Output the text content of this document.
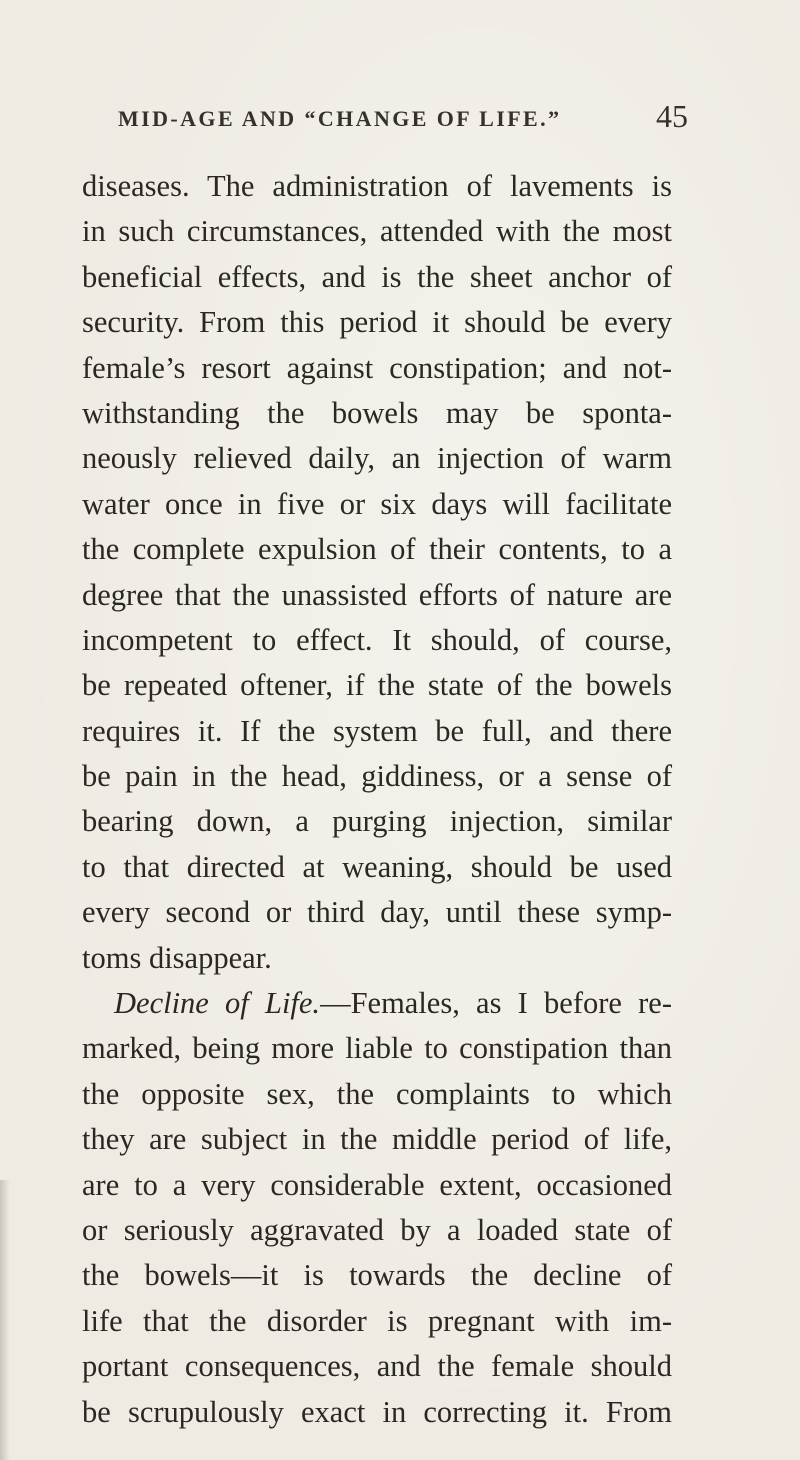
MID-AGE AND “CHANGE OF LIFE.”	45
diseases. The administration of lavements is
in such circumstances, attended with the most
beneficial effects, and is the sheet anchor of
security. From this period it should be every
female’s resort against constipation; and not-
withstanding the bowels may be sponta-
neously relieved daily, an injection of warm
water once in five or six days will facilitate
the complete expulsion of their contents, to a
degree that the unassisted efforts of nature are
incompetent to effect. It should, of course,
be repeated oftener, if the state of the bowels
requires it. If the system be full, and there
be pain in the head, giddiness, or a sense of
bearing down, a purging injection, similar
to that directed at weaning, should be used
every second or third day, until these symp-
toms disappear.
Decline of Life.—Females, as I before re-
marked, being more liable to constipation than
the opposite sex, the complaints to which
they are subject in the middle period of life,
are to a very considerable extent, occasioned
or seriously aggravated by a loaded state of
the bowels—it is towards the decline of
life that the disorder is pregnant with im-
portant consequences, and the female should
be scrupulously exact in correcting it. From
